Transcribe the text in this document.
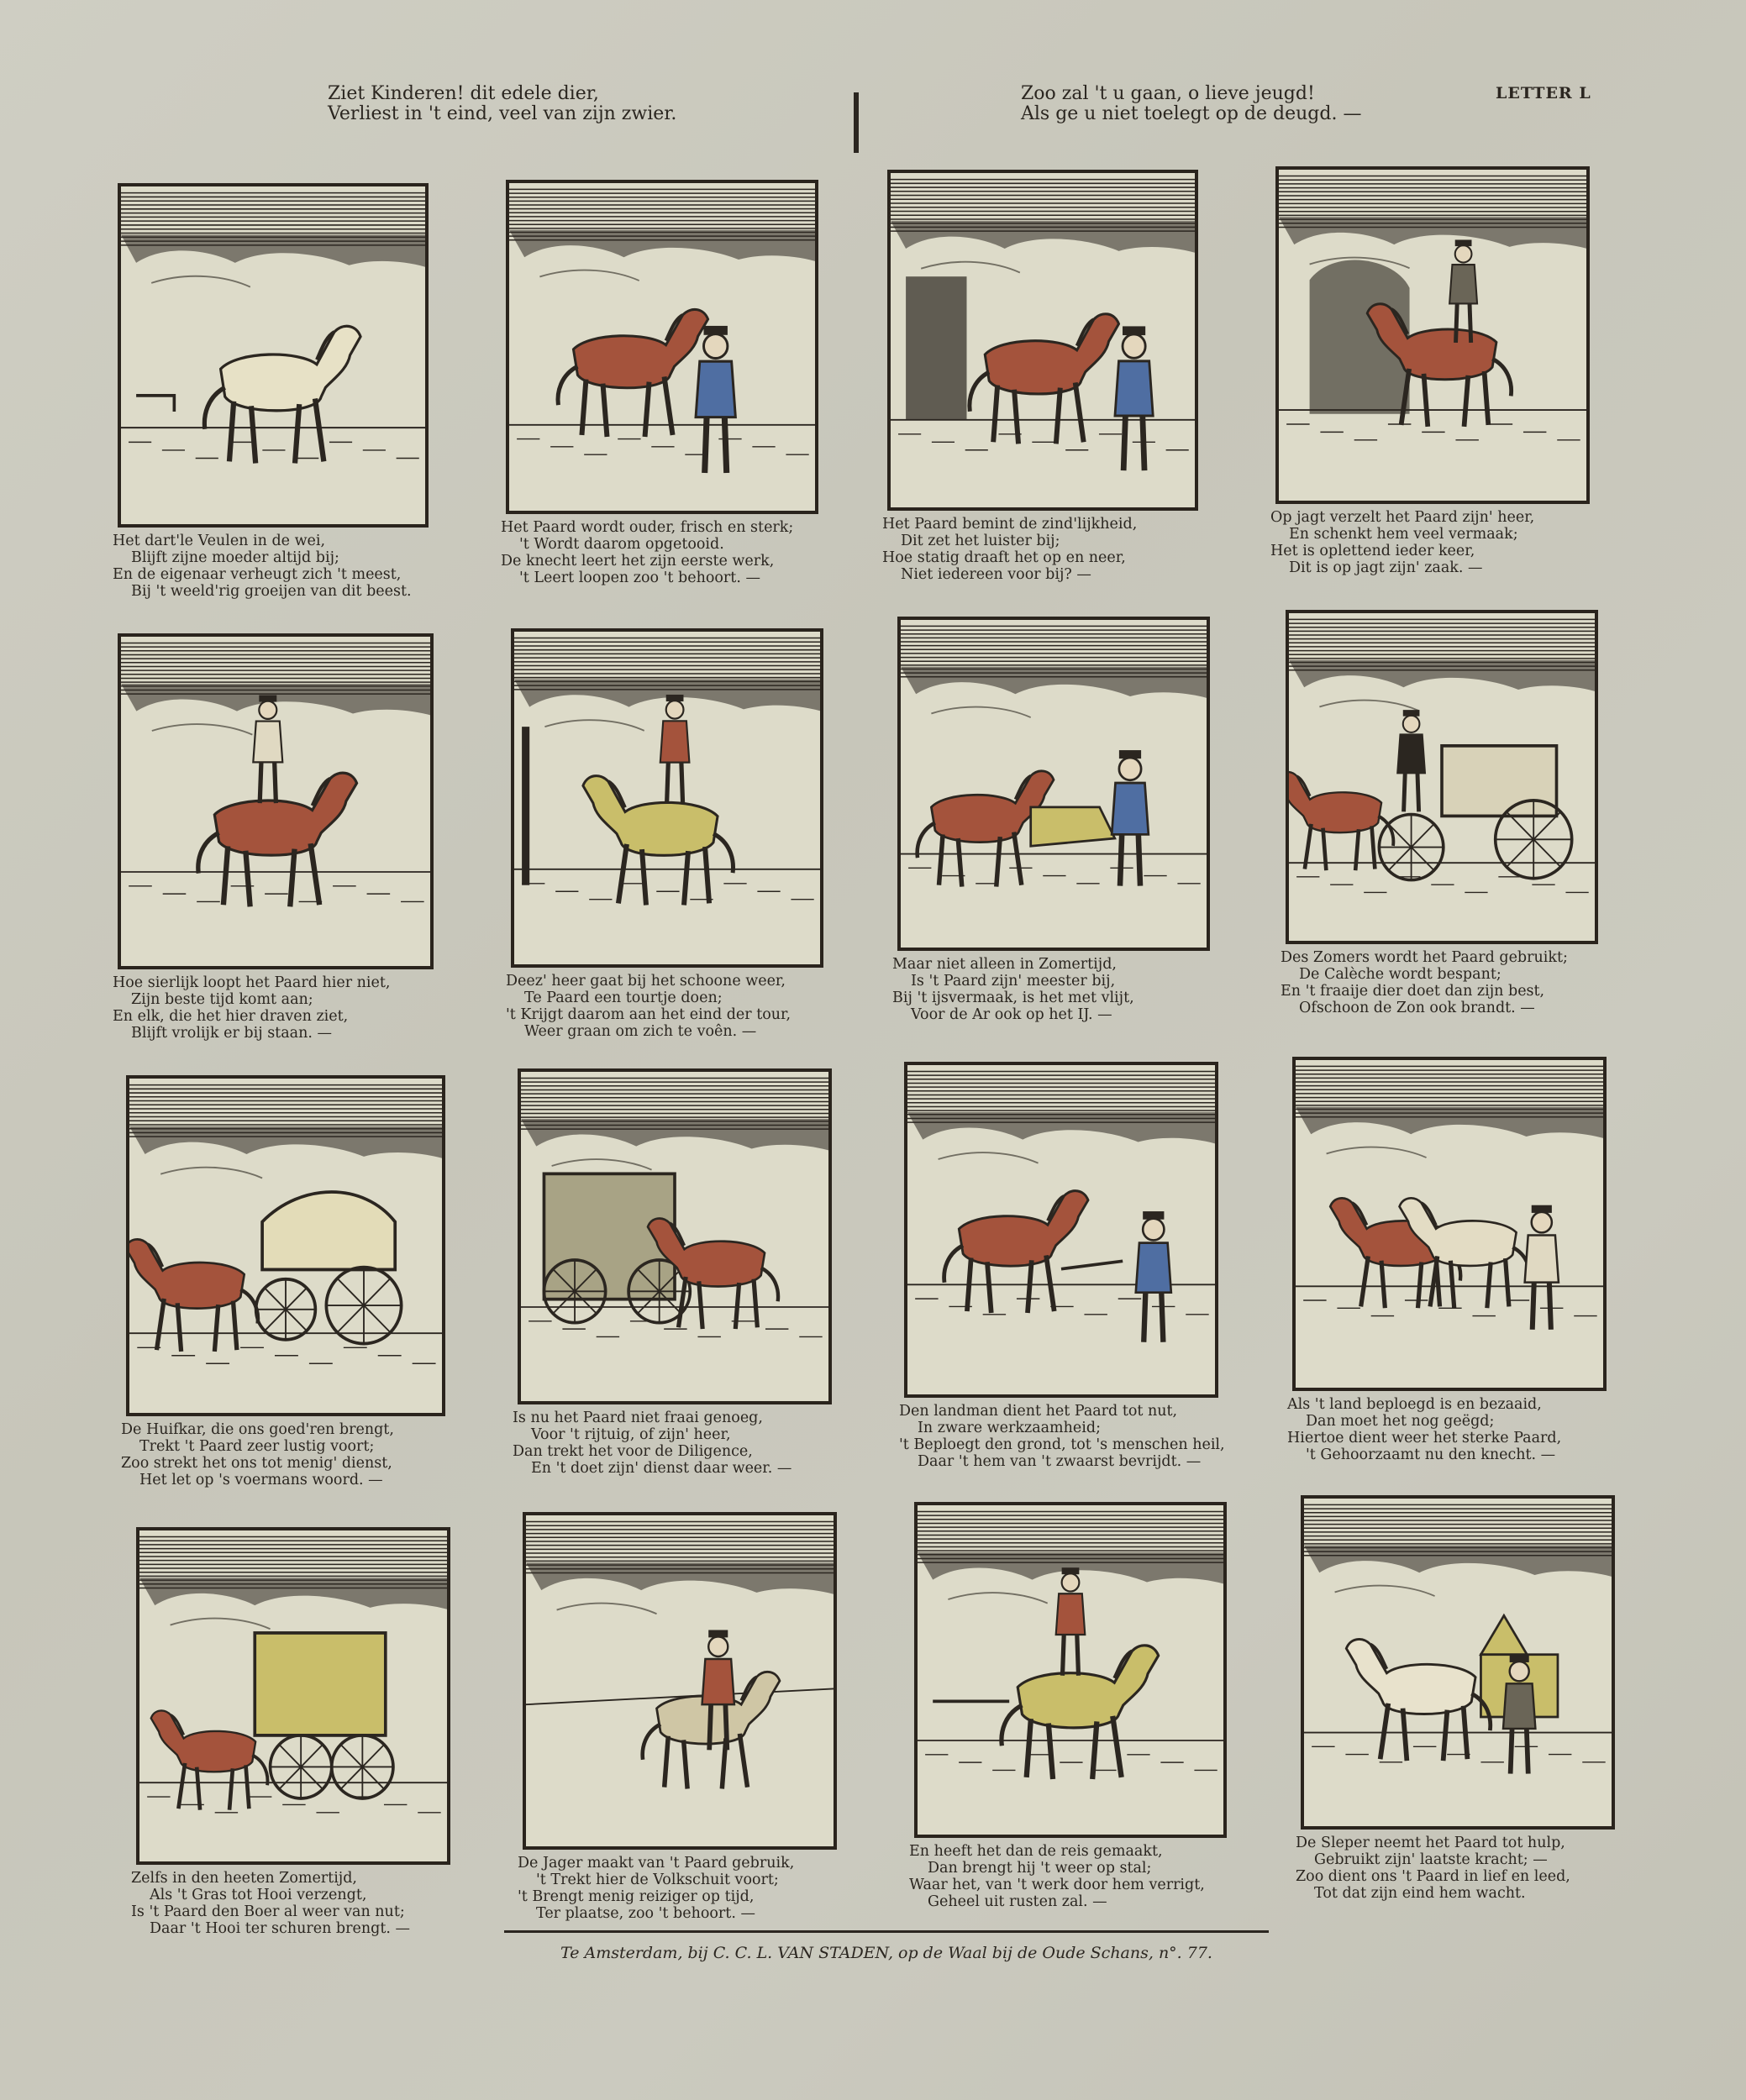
Ziet Kinderen! dit edele dier,
Verliest in 't eind, veel van zijn zwier.
Zoo zal 't u gaan, o lieve jeugd!
Als ge u niet toelegt op de deugd. —
LETTER L
Het dart'le Veulen in de wei,
Blijft zijne moeder altijd bij;
En de eigenaar verheugt zich 't meest,
Bij 't weeld'rig groeijen van dit beest.
Het Paard wordt ouder, frisch en sterk;
't Wordt daarom opgetooid.
De knecht leert het zijn eerste werk,
't Leert loopen zoo 't behoort. —
Het Paard bemint de zind'lijkheid,
Dit zet het luister bij;
Hoe statig draaft het op en neer,
Niet iedereen voor bij? —
Op jagt verzelt het Paard zijn' heer,
En schenkt hem veel vermaak;
Het is oplettend ieder keer,
Dit is op jagt zijn' zaak. —
Hoe sierlijk loopt het Paard hier niet,
Zijn beste tijd komt aan;
En elk, die het hier draven ziet,
Blijft vrolijk er bij staan. —
Deez' heer gaat bij het schoone weer,
Te Paard een tourtje doen;
't Krijgt daarom aan het eind der tour,
Weer graan om zich te voên. —
Maar niet alleen in Zomertijd,
Is 't Paard zijn' meester bij,
Bij 't ijsvermaak, is het met vlijt,
Voor de Ar ook op het IJ. —
Des Zomers wordt het Paard gebruikt;
De Calèche wordt bespant;
En 't fraaije dier doet dan zijn best,
Ofschoon de Zon ook brandt. —
De Huifkar, die ons goed'ren brengt,
Trekt 't Paard zeer lustig voort;
Zoo strekt het ons tot menig' dienst,
Het let op 's voermans woord. —
Is nu het Paard niet fraai genoeg,
Voor 't rijtuig, of zijn' heer,
Dan trekt het voor de Diligence,
En 't doet zijn' dienst daar weer. —
Den landman dient het Paard tot nut,
In zware werkzaamheid;
't Beploegt den grond, tot 's menschen heil,
Daar 't hem van 't zwaarst bevrijdt. —
Als 't land beploegd is en bezaaid,
Dan moet het nog geëgd;
Hiertoe dient weer het sterke Paard,
't Gehoorzaamt nu den knecht. —
Zelfs in den heeten Zomertijd,
Als 't Gras tot Hooi verzengt,
Is 't Paard den Boer al weer van nut;
Daar 't Hooi ter schuren brengt. —
De Jager maakt van 't Paard gebruik,
't Trekt hier de Volkschuit voort;
't Brengt menig reiziger op tijd,
Ter plaatse, zoo 't behoort. —
En heeft het dan de reis gemaakt,
Dan brengt hij 't weer op stal;
Waar het, van 't werk door hem verrigt,
Geheel uit rusten zal. —
De Sleper neemt het Paard tot hulp,
Gebruikt zijn' laatste kracht; —
Zoo dient ons 't Paard in lief en leed,
Tot dat zijn eind hem wacht.
Te Amsterdam, bij C. C. L. VAN STADEN, op de Waal bij de Oude Schans, n°. 77.
